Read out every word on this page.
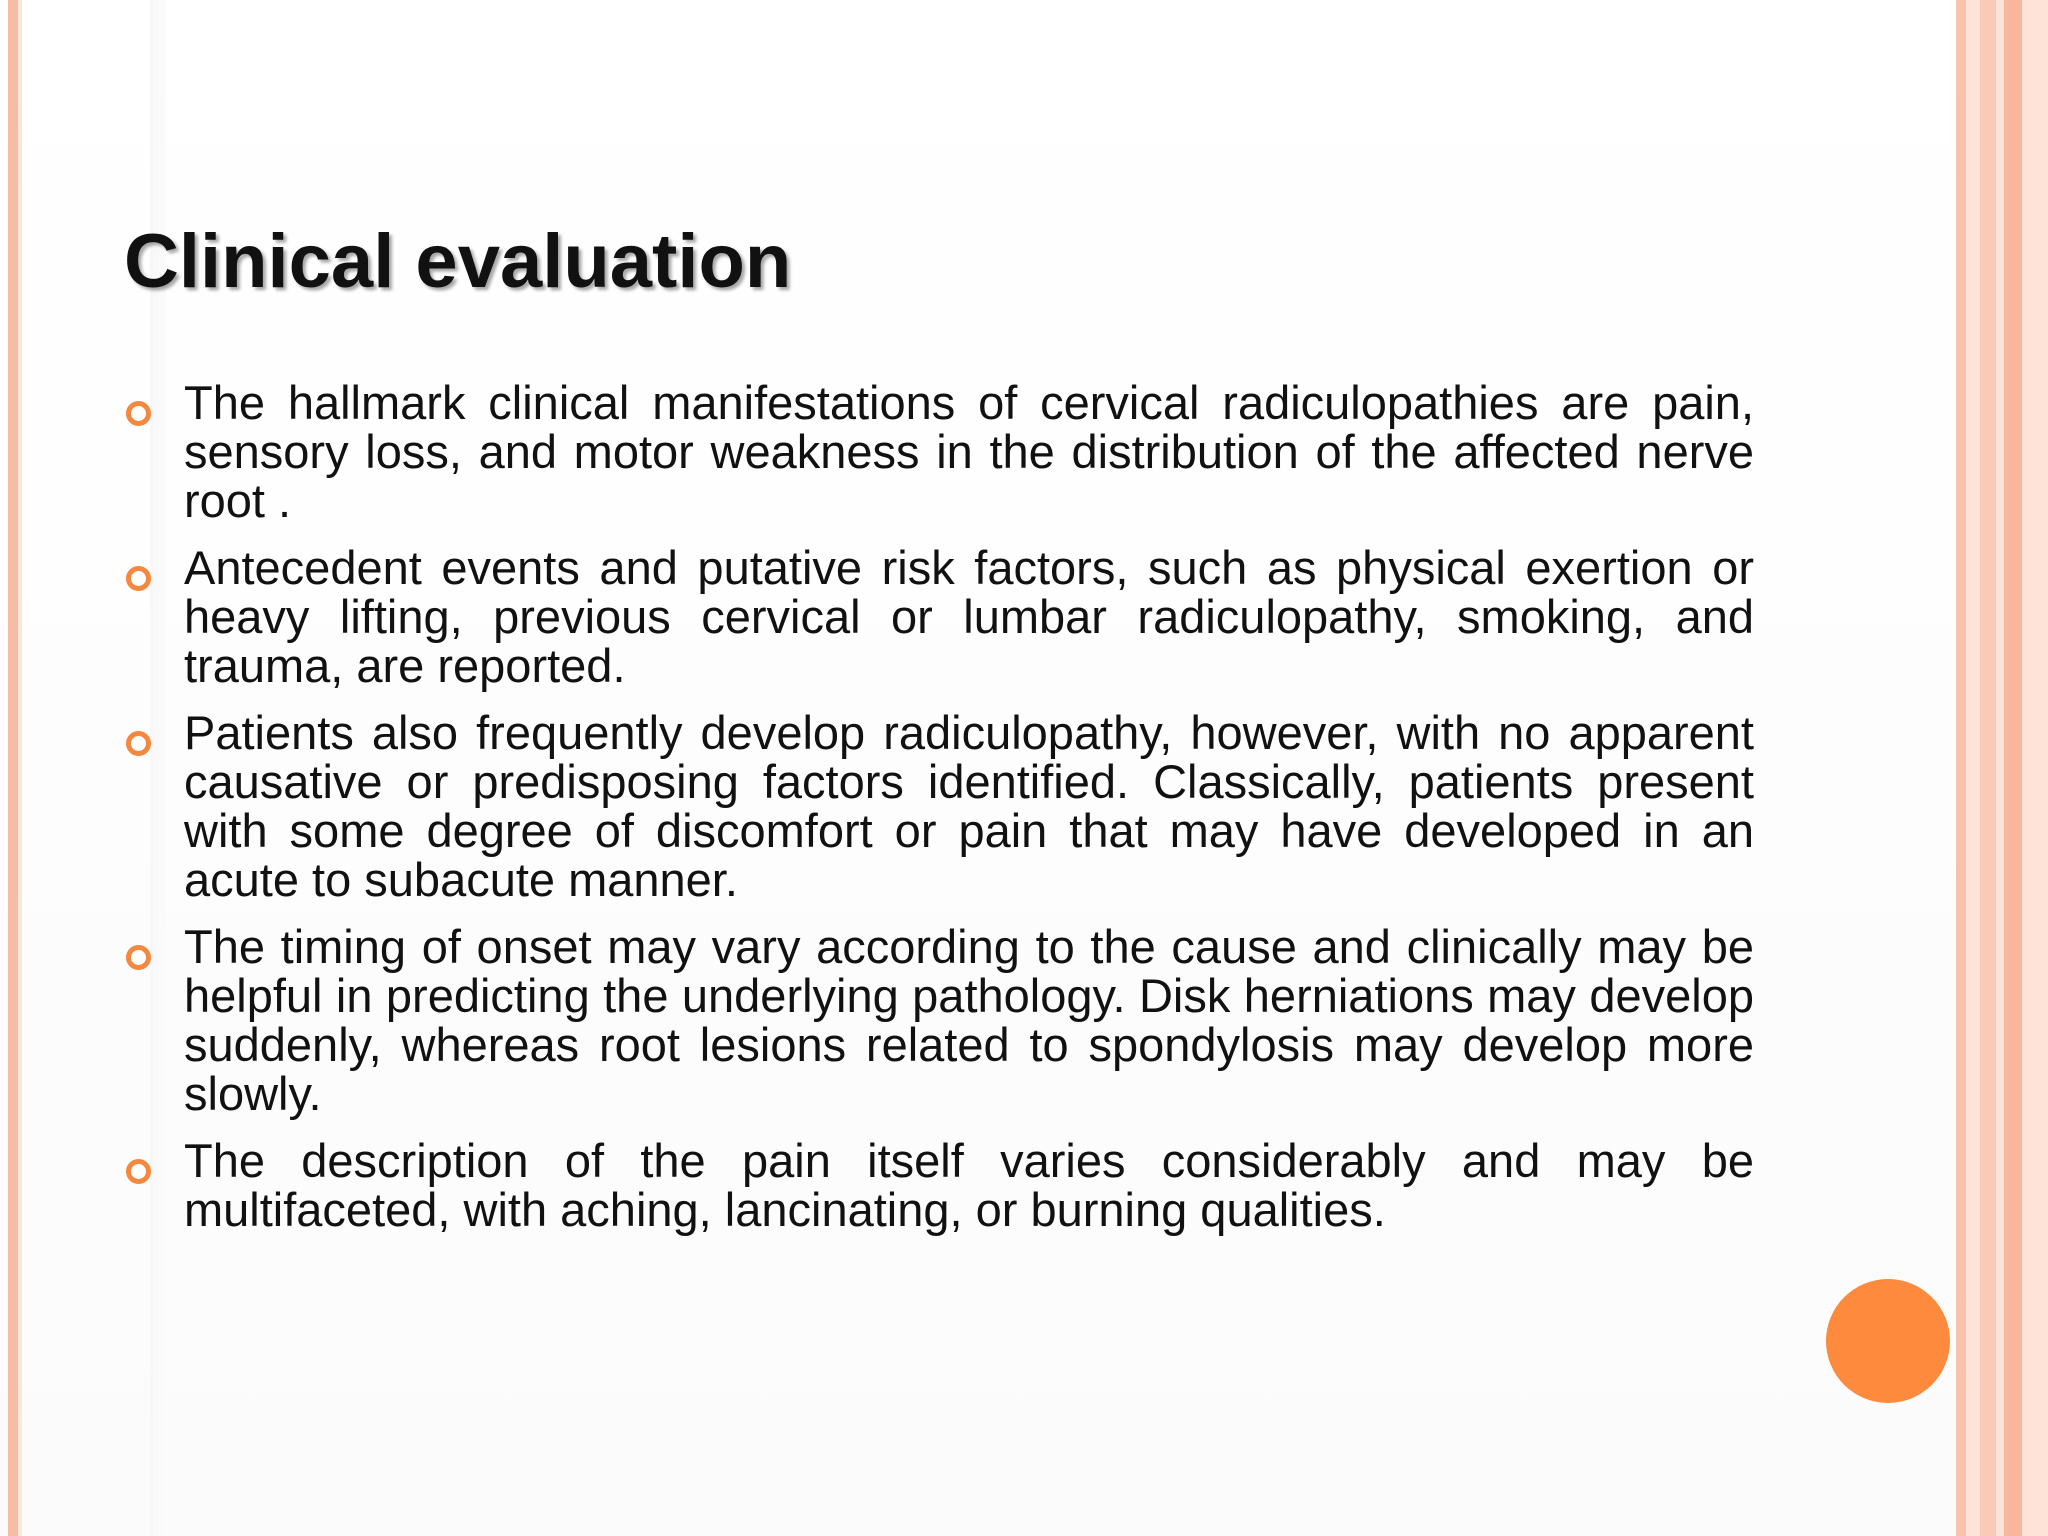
Clinical evaluation
The hallmark clinical manifestations of cervical radiculopathies are pain, sensory loss, and motor weakness in the distribution of the affected nerve root .
Antecedent events and putative risk factors, such as physical exertion or heavy lifting, previous cervical or lumbar radiculopathy, smoking, and trauma, are reported.
Patients also frequently develop radiculopathy, however, with no apparent causative or predisposing factors identified. Classically, patients present with some degree of discomfort or pain that may have developed in an acute to subacute manner.
The timing of onset may vary according to the cause and clinically may be helpful in predicting the underlying pathology. Disk herniations may develop suddenly, whereas root lesions related to spondylosis may develop more slowly.
The description of the pain itself varies considerably and may be multifaceted, with aching, lancinating, or burning qualities.
